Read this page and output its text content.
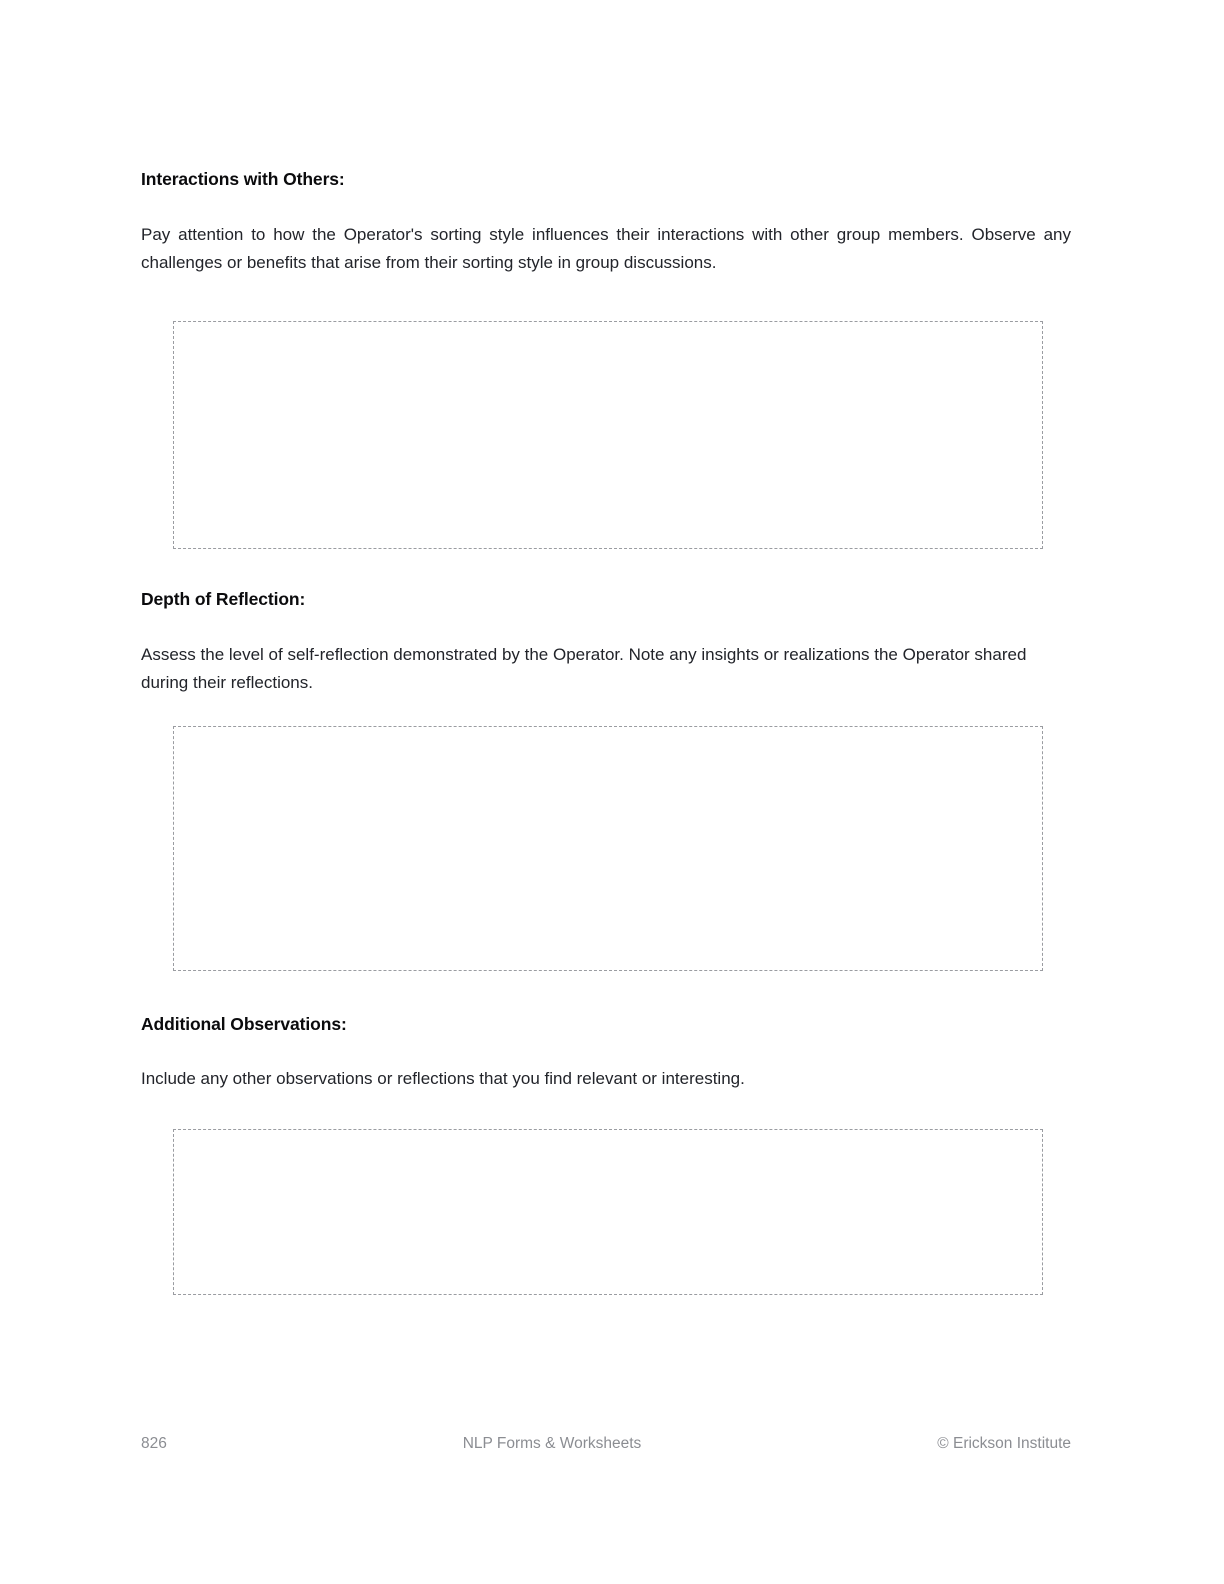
Interactions with Others:

Pay attention to how the Operator's sorting style influences their interactions with other group members. Observe any challenges or benefits that arise from their sorting style in group discussions.

Depth of Reflection:

Assess the level of self-reflection demonstrated by the Operator. Note any insights or realizations the Operator shared during their reflections.

Additional Observations:

Include any other observations or reflections that you find relevant or interesting.

826	NLP Forms & Worksheets	© Erickson Institute
